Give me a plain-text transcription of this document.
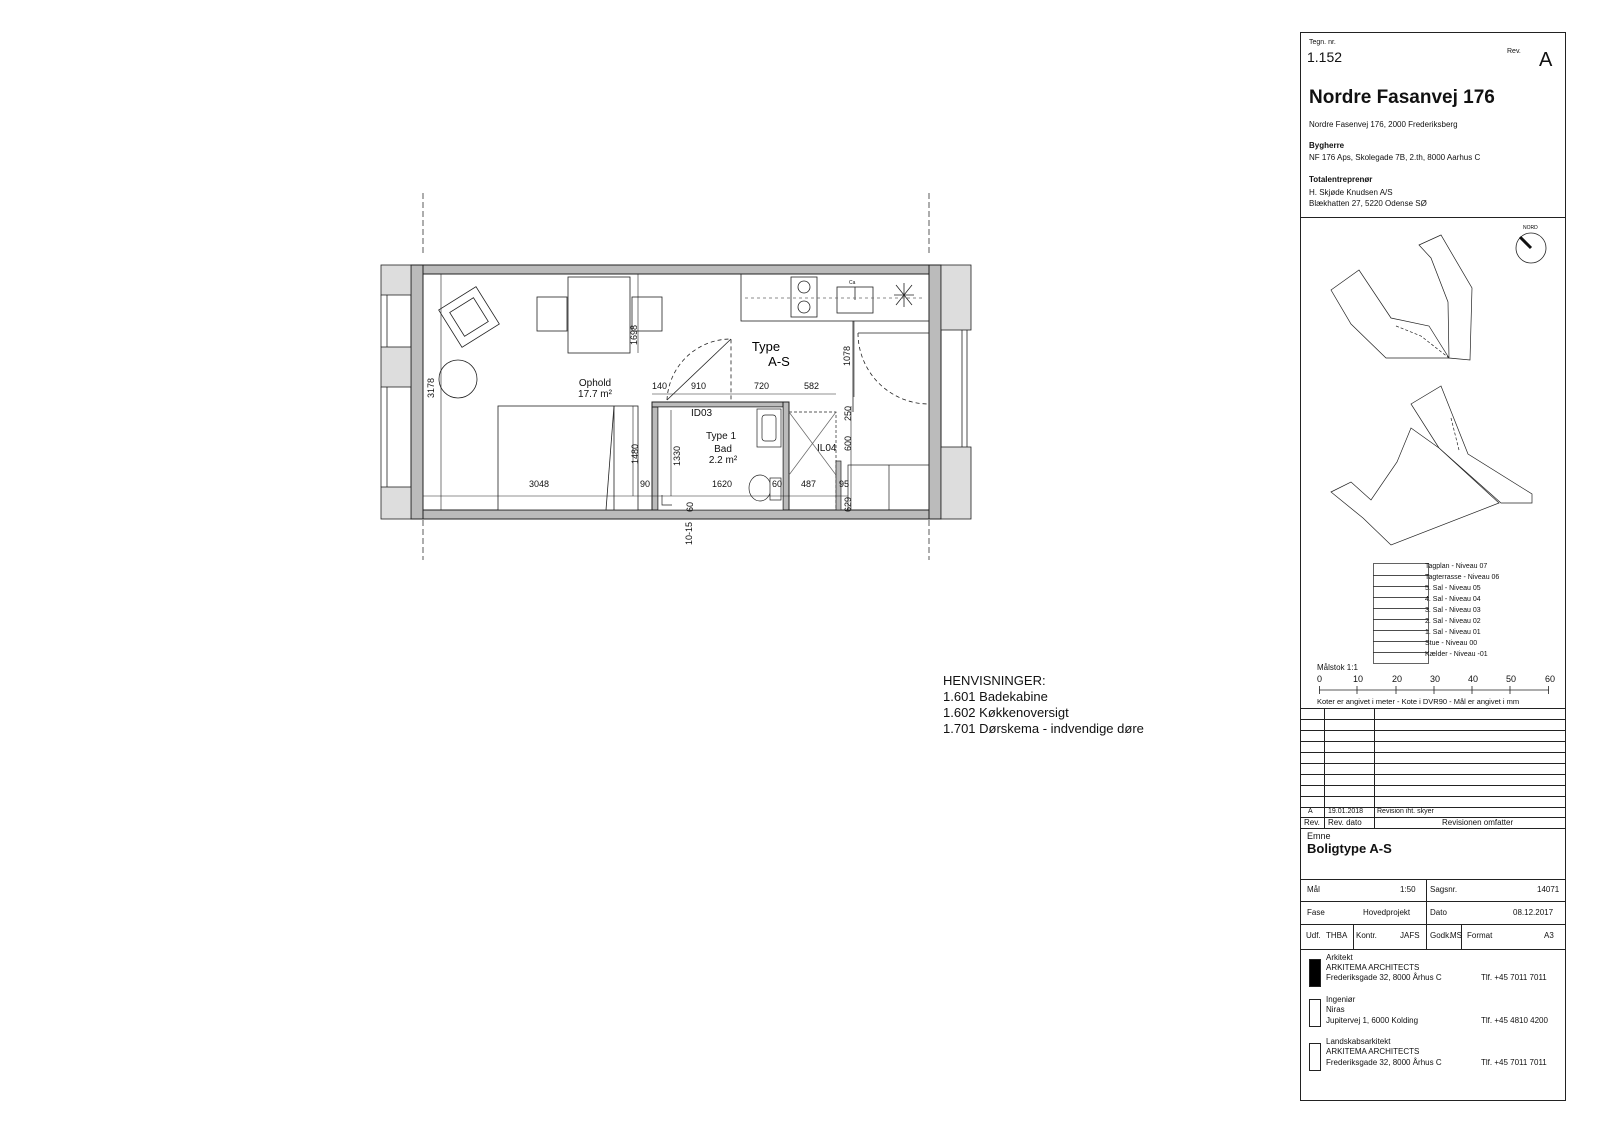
Ca
3178
1698
1078
140	910	720	582
250
600
1480	1330
3048	90	1620	60 487	95
629
60
10-15
Type
A-S
Ophold
17.7 m²
ID03
Type 1
Bad
2.2 m²
IL04
HENVISNINGER:
1.601 Badekabine
1.602 Køkkenoversigt
1.701 Dørskema - indvendige døre
Tegn. nr.
1.152	Rev. A
Nordre Fasanvej 176
Nordre Fasenvej 176, 2000 Frederiksberg
Bygherre
NF 176 Aps, Skolegade 7B, 2.th, 8000 Aarhus C
Totalentreprenør
H. Skjøde Knudsen A/S
Blækhatten 27, 5220 Odense SØ
NORD
Tagplan - Niveau 07
Tagterrasse - Niveau 06
5. Sal - Niveau 05
4. Sal - Niveau 04
3. Sal - Niveau 03
2. Sal - Niveau 02
1. Sal - Niveau 01
Stue - Niveau 00
Kælder - Niveau -01
Målstok 1:1
0	10	20	30	40	50	60
Koter er angivet i meter - Kote i DVR90 - Mål er angivet i mm
A 19.01.2018 Revision iht. skyer
Rev. Rev. dato	Revisionen omfatter
Emne
Boligtype A-S
Mål	1:50 Sagsnr.	14071
Fase	Hovedprojekt Dato	08.12.2017
Udf. THBA Kontr.	JAFS Godk.
MS Format	A3
Arkitekt
ARKITEMA ARCHITECTS
Frederiksgade 32, 8000 Århus C	Tlf. +45 7011 7011
Ingeniør
Niras
Jupitervej 1, 6000 Kolding	Tlf. +45 4810 4200
Landskabsarkitekt
ARKITEMA ARCHITECTS
Frederiksgade 32, 8000 Århus C	Tlf. +45 7011 7011
